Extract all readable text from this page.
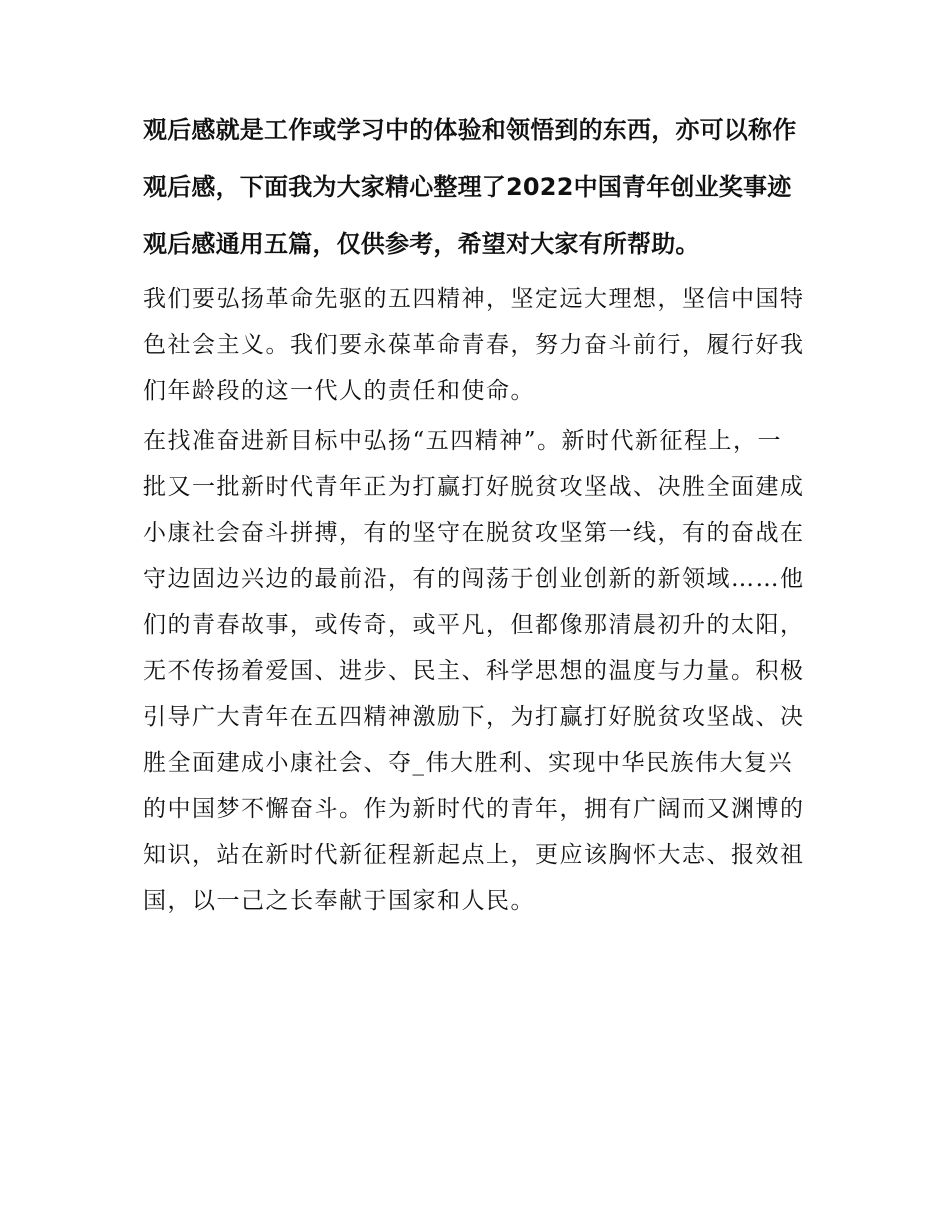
观后感就是工作或学习中的体验和领悟到的东西，亦可以称作
观后感，下面我为大家精心整理了2022中国青年创业奖事迹
观后感通用五篇，仅供参考，希望对大家有所帮助。
我们要弘扬革命先驱的五四精神，坚定远大理想，坚信中国特
色社会主义。我们要永葆革命青春，努力奋斗前行，履行好我
们年龄段的这一代人的责任和使命。
在找准奋进新目标中弘扬“五四精神”。新时代新征程上，一
批又一批新时代青年正为打赢打好脱贫攻坚战、决胜全面建成
小康社会奋斗拼搏，有的坚守在脱贫攻坚第一线，有的奋战在
守边固边兴边的最前沿，有的闯荡于创业创新的新领域……他
们的青春故事，或传奇，或平凡，但都像那清晨初升的太阳，
无不传扬着爱国、进步、民主、科学思想的温度与力量。积极
引导广大青年在五四精神激励下，为打赢打好脱贫攻坚战、决
胜全面建成小康社会、夺_伟大胜利、实现中华民族伟大复兴
的中国梦不懈奋斗。作为新时代的青年，拥有广阔而又渊博的
知识，站在新时代新征程新起点上，更应该胸怀大志、报效祖
国，以一己之长奉献于国家和人民。
